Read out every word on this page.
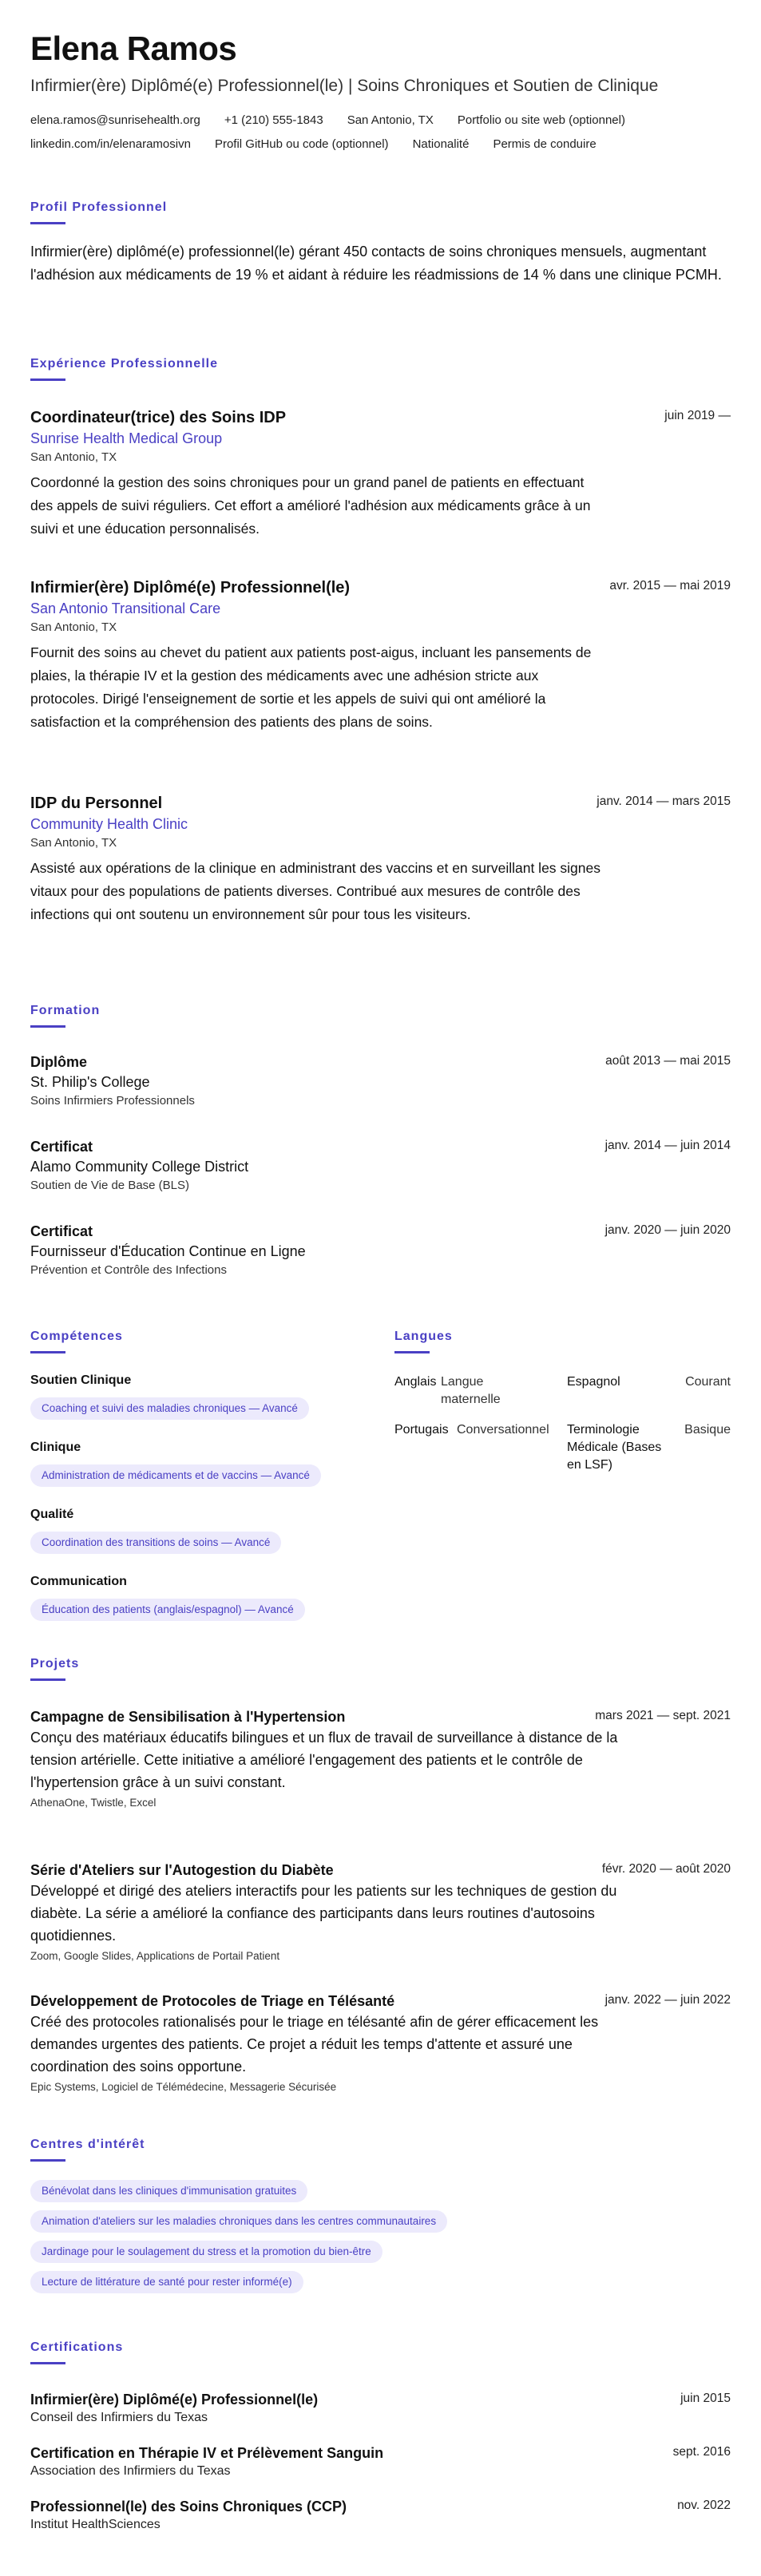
Elena Ramos
Infirmier(ère) Diplômé(e) Professionnel(le) | Soins Chroniques et Soutien de Clinique
elena.ramos@sunrisehealth.org +1 (210) 555-1843 San Antonio, TX Portfolio ou site web (optionnel)
linkedin.com/in/elenaramosivn Profil GitHub ou code (optionnel) Nationalité Permis de conduire
Profil Professionnel
Infirmier(ère) diplômé(e) professionnel(le) gérant 450 contacts de soins chroniques mensuels, augmentant l'adhésion aux médicaments de 19 % et aidant à réduire les réadmissions de 14 % dans une clinique PCMH.
Expérience Professionnelle
Coordinateur(trice) des Soins IDP
Sunrise Health Medical Group
San Antonio, TX
Coordonné la gestion des soins chroniques pour un grand panel de patients en effectuant des appels de suivi réguliers. Cet effort a amélioré l'adhésion aux médicaments grâce à un suivi et une éducation personnalisés.
juin 2019 —
Infirmier(ère) Diplômé(e) Professionnel(le)
San Antonio Transitional Care
San Antonio, TX
Fournit des soins au chevet du patient aux patients post-aigus, incluant les pansements de plaies, la thérapie IV et la gestion des médicaments avec une adhésion stricte aux protocoles. Dirigé l'enseignement de sortie et les appels de suivi qui ont amélioré la satisfaction et la compréhension des patients des plans de soins.
avr. 2015 — mai 2019
IDP du Personnel
Community Health Clinic
San Antonio, TX
Assisté aux opérations de la clinique en administrant des vaccins et en surveillant les signes vitaux pour des populations de patients diverses. Contribué aux mesures de contrôle des infections qui ont soutenu un environnement sûr pour tous les visiteurs.
janv. 2014 — mars 2015
Formation
Diplôme
St. Philip's College
Soins Infirmiers Professionnels
août 2013 — mai 2015
Certificat
Alamo Community College District
Soutien de Vie de Base (BLS)
janv. 2014 — juin 2014
Certificat
Fournisseur d'Éducation Continue en Ligne
Prévention et Contrôle des Infections
janv. 2020 — juin 2020
Compétences
Soutien Clinique
Coaching et suivi des maladies chroniques — Avancé
Clinique
Administration de médicaments et de vaccins — Avancé
Qualité
Coordination des transitions de soins — Avancé
Communication
Éducation des patients (anglais/espagnol) — Avancé
Langues
Anglais Langue maternelle
Espagnol	Courant
Portugais Conversationnel	Terminologie Médicale (Bases en LSF)
Basique
Projets
Campagne de Sensibilisation à l'Hypertension
Conçu des matériaux éducatifs bilingues et un flux de travail de surveillance à distance de la tension artérielle. Cette initiative a amélioré l'engagement des patients et le contrôle de l'hypertension grâce à un suivi constant.
AthenaOne, Twistle, Excel
mars 2021 — sept. 2021
Série d'Ateliers sur l'Autogestion du Diabète
Développé et dirigé des ateliers interactifs pour les patients sur les techniques de gestion du diabète. La série a amélioré la confiance des participants dans leurs routines d'autosoins quotidiennes.
Zoom, Google Slides, Applications de Portail Patient
févr. 2020 — août 2020
Développement de Protocoles de Triage en Télésanté
Créé des protocoles rationalisés pour le triage en télésanté afin de gérer efficacement les demandes urgentes des patients. Ce projet a réduit les temps d'attente et assuré une coordination des soins opportune.
Epic Systems, Logiciel de Télémédecine, Messagerie Sécurisée
janv. 2022 — juin 2022
Centres d'intérêt
Bénévolat dans les cliniques d'immunisation gratuites
Animation d'ateliers sur les maladies chroniques dans les centres communautaires
Jardinage pour le soulagement du stress et la promotion du bien-être
Lecture de littérature de santé pour rester informé(e)
Certifications
Infirmier(ère) Diplômé(e) Professionnel(le)
Conseil des Infirmiers du Texas
juin 2015
Certification en Thérapie IV et Prélèvement Sanguin
Association des Infirmiers du Texas
sept. 2016
Professionnel(le) des Soins Chroniques (CCP)
Institut HealthSciences
nov. 2022
